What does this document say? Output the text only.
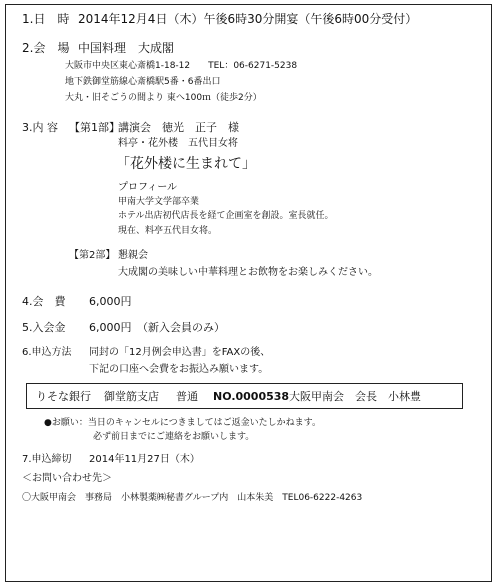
1.日　時 2014年12月4日（木）午後6時30分開宴（午後6時00分受付）
2.会　場 中国料理　大成閣
大阪市中央区東心斎橋1-18-12　　TEL：06-6271-5238
地下鉄御堂筋線心斎橋駅5番・6番出口
大丸・旧そごうの間より 東へ100ｍ（徒歩2分）
3.内 容 【第1部】
講演会　徳光　正子　様
料亭・花外楼　五代目女将
「花外楼に生まれて」
プロフィール
甲南大学文学部卒業
ホテル出店初代店長を経て企画室を創設。室長就任。
現在、料亭五代目女将。
【第2部】 懇親会
大成閣の美味しい中華料理とお飲物をお楽しみください。
4.会　費 6,000円
5.入会金 6,000円　（新入会員のみ）
6.申込方法 同封の「12月例会申込書」をFAXの後、
下記の口座へ会費をお振込み願います。
りそな銀行 御堂筋支店 普通 NO.0000538 大阪甲南会　会長　小林豊
●お願い：当日のキャンセルにつきましてはご返金いたしかねます。
必ず前日までにご連絡をお願いします。
7.申込締切 2014年11月27日（木）
＜お問い合わせ先＞
〇大阪甲南会　事務局　小林製薬㈱秘書グループ内　山本朱美　TEL06-6222-4263
